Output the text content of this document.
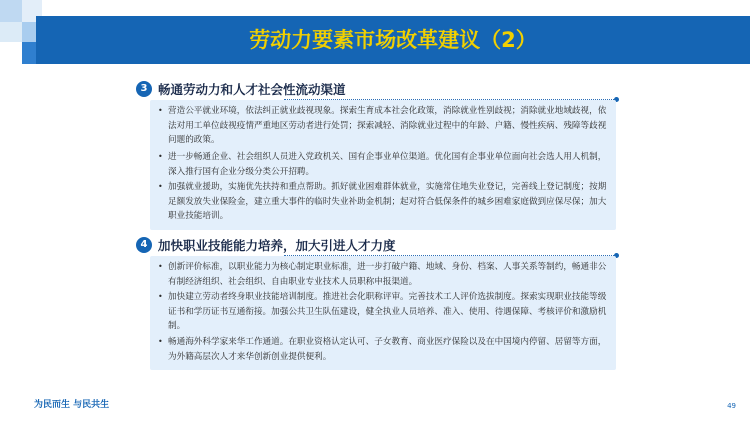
劳动力要素市场改革建议（2）
3 畅通劳动力和人才社会性流动渠道
• 营造公平就业环境，依法纠正就业歧视现象。探索生育成本社会化政策，消除就业性别歧视；消除就业地域歧视，依法对用工单位歧视疫情严重地区劳动者进行处罚；探索减轻、消除就业过程中的年龄、户籍、慢性疾病、残障等歧视问题的政策。
• 进一步畅通企业、社会组织人员进入党政机关、国有企事业单位渠道。优化国有企事业单位面向社会选人用人机制，深入推行国有企业分级分类公开招聘。
• 加强就业援助，实施优先扶持和重点帮助。抓好就业困难群体就业，实施常住地失业登记，完善线上登记制度；按期足额发放失业保险金，建立重大事件的临时失业补助金机制；起对符合低保条件的城乡困难家庭做到应保尽保；加大职业技能培训。
4 加快职业技能能力培养，加大引进人才力度
• 创新评价标准，以职业能力为核心制定职业标准，进一步打破户籍、地域、身份、档案、人事关系等制约，畅通非公有制经济组织、社会组织、自由职业专业技术人员职称申报渠道。
• 加快建立劳动者终身职业技能培训制度。推进社会化职称评审。完善技术工人评价选拔制度。探索实现职业技能等级证书和学历证书互通衔接。加强公共卫生队伍建设，健全执业人员培养、准入、使用、待遇保障、考核评价和激励机制。
• 畅通海外科学家来华工作通道。在职业资格认定认可、子女教育、商业医疗保险以及在中国境内停留、居留等方面，为外籍高层次人才来华创新创业提供便利。
为民而生 与民共生	49
